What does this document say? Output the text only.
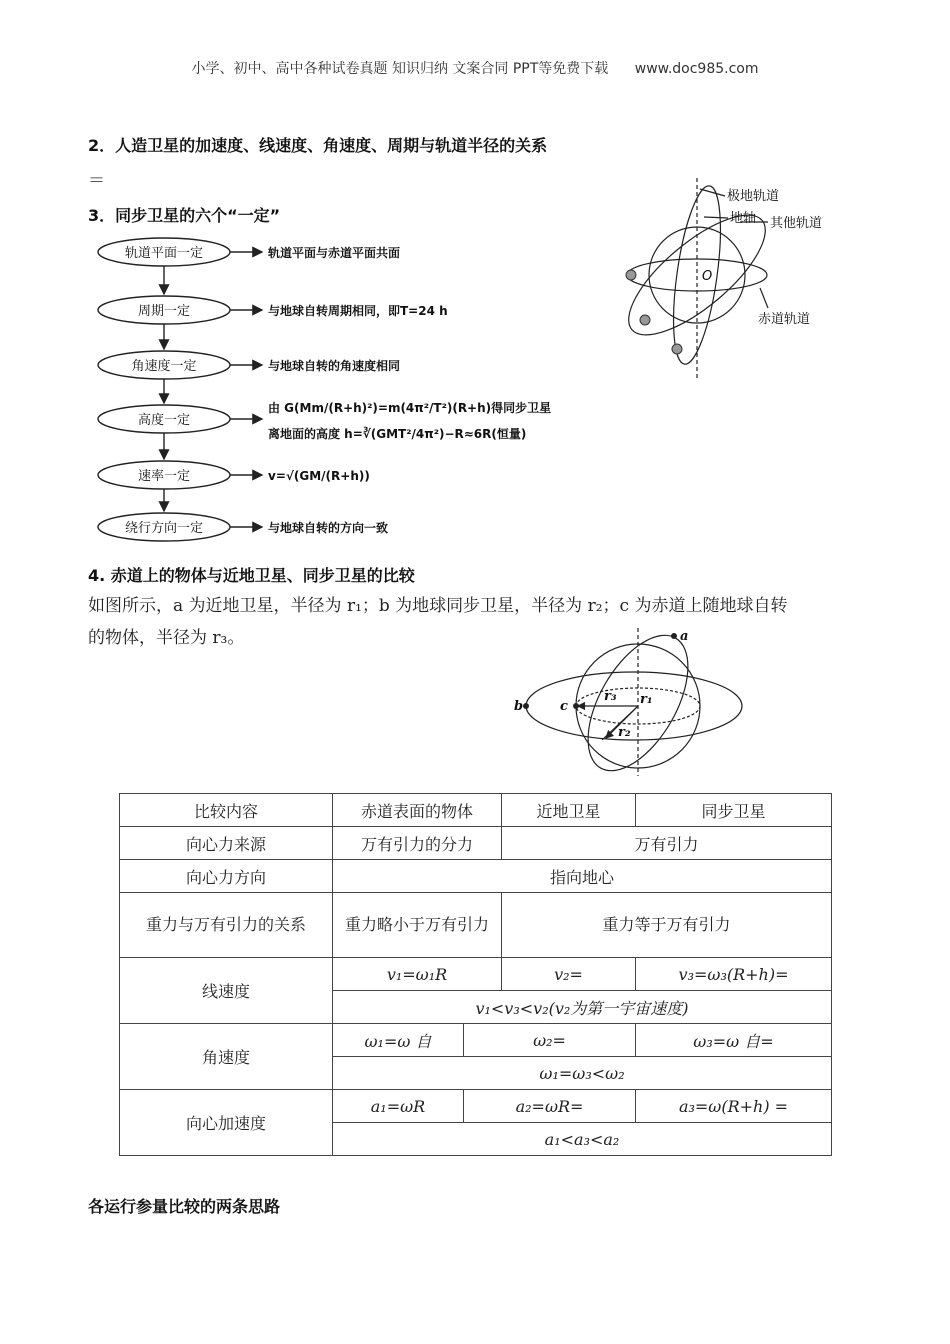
小学、初中、高中各种试卷真题 知识归纳 文案合同 PPT等免费下载 www.doc985.com
2．人造卫星的加速度、线速度、角速度、周期与轨道半径的关系
＝
3．同步卫星的六个“一定”
轨道平面一定
周期一定
角速度一定
高度一定
速率一定
绕行方向一定
轨道平面与赤道平面共面
与地球自转周期相同，即T=24 h
与地球自转的角速度相同
由 G(Mm/(R+h)²)=m(4π²/T²)(R+h)得同步卫星
离地面的高度 h=∛(GMT²/4π²)−R≈6R(恒量)
v=√(GM/(R+h))
与地球自转的方向一致
极地轨道
地轴 其他轨道
赤道轨道
O
4. 赤道上的物体与近地卫星、同步卫星的比较
如图所示，a 为近地卫星，半径为 r₁；b 为地球同步卫星，半径为 r₂；c 为赤道上随地球自转
的物体，半径为 r₃。	a
b	c	r₁
r₂
r₃
比较内容	赤道表面的物体		近地卫星	同步卫星
向心力来源	万有引力的分力		万有引力	
向心力方向	指向地心			
重力与万有引力的关系	重力略小于万有引力		重力等于万有引力	
线速度	v₁=ω₁R		v₂=	v₃=ω₃(R+h)=
	v₁<v₃<v₂(v₂为第一宇宙速度)			
角速度	ω₁=ω 自	ω₂=		ω₃=ω 自=
	ω₁=ω₃<ω₂			
向心加速度	a₁=ωR	a₂=ωR=		a₃=ω(R+h) =
	a₁<a₃<a₂			
各运行参量比较的两条思路
